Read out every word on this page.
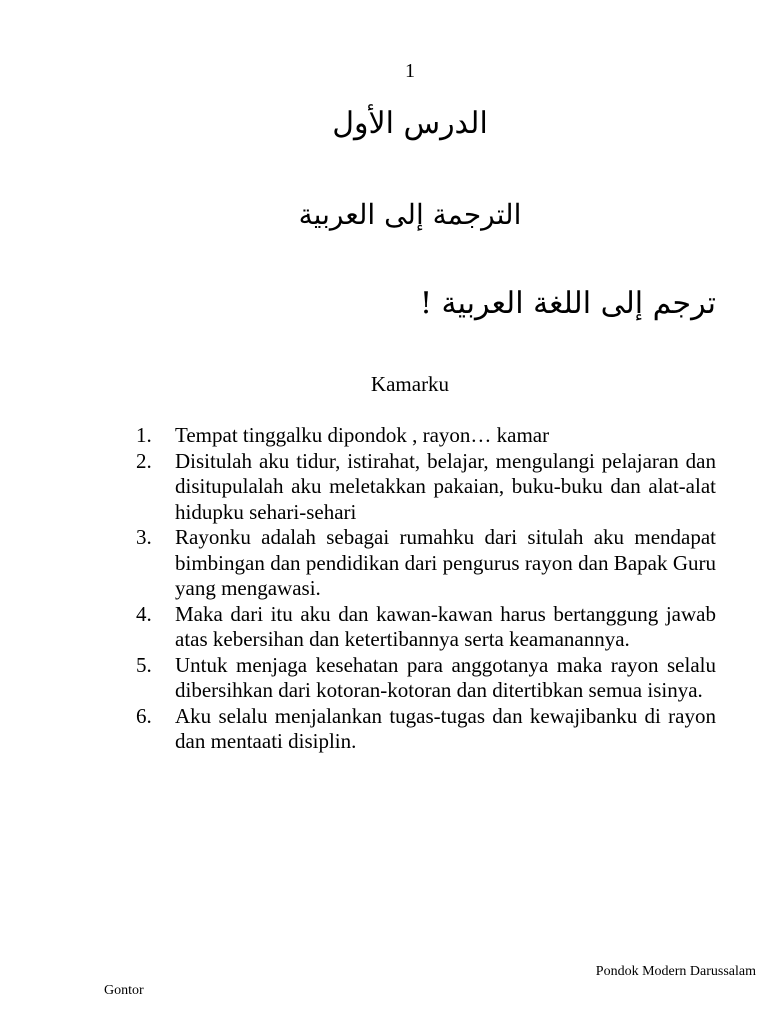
1
الدرس الأول
الترجمة إلى العربية
ترجم إلى اللغة العربية !
Kamarku
1. Tempat tinggalku dipondok , rayon… kamar
2. Disitulah aku tidur, istirahat, belajar, mengulangi pelajaran dan disitupulalah aku meletakkan pakaian, buku-buku dan alat-alat hidupku sehari-sehari
3. Rayonku adalah sebagai rumahku dari situlah aku mendapat bimbingan dan pendidikan dari pengurus rayon dan Bapak Guru yang mengawasi.
4. Maka dari itu aku dan kawan-kawan harus bertanggung jawab atas kebersihan dan ketertibannya serta keamanannya.
5. Untuk menjaga kesehatan para anggotanya maka rayon selalu dibersihkan dari kotoran-kotoran dan ditertibkan semua isinya.
6. Aku selalu menjalankan tugas-tugas dan kewajibanku di rayon dan mentaati disiplin.
Pondok Modern Darussalam
Gontor
